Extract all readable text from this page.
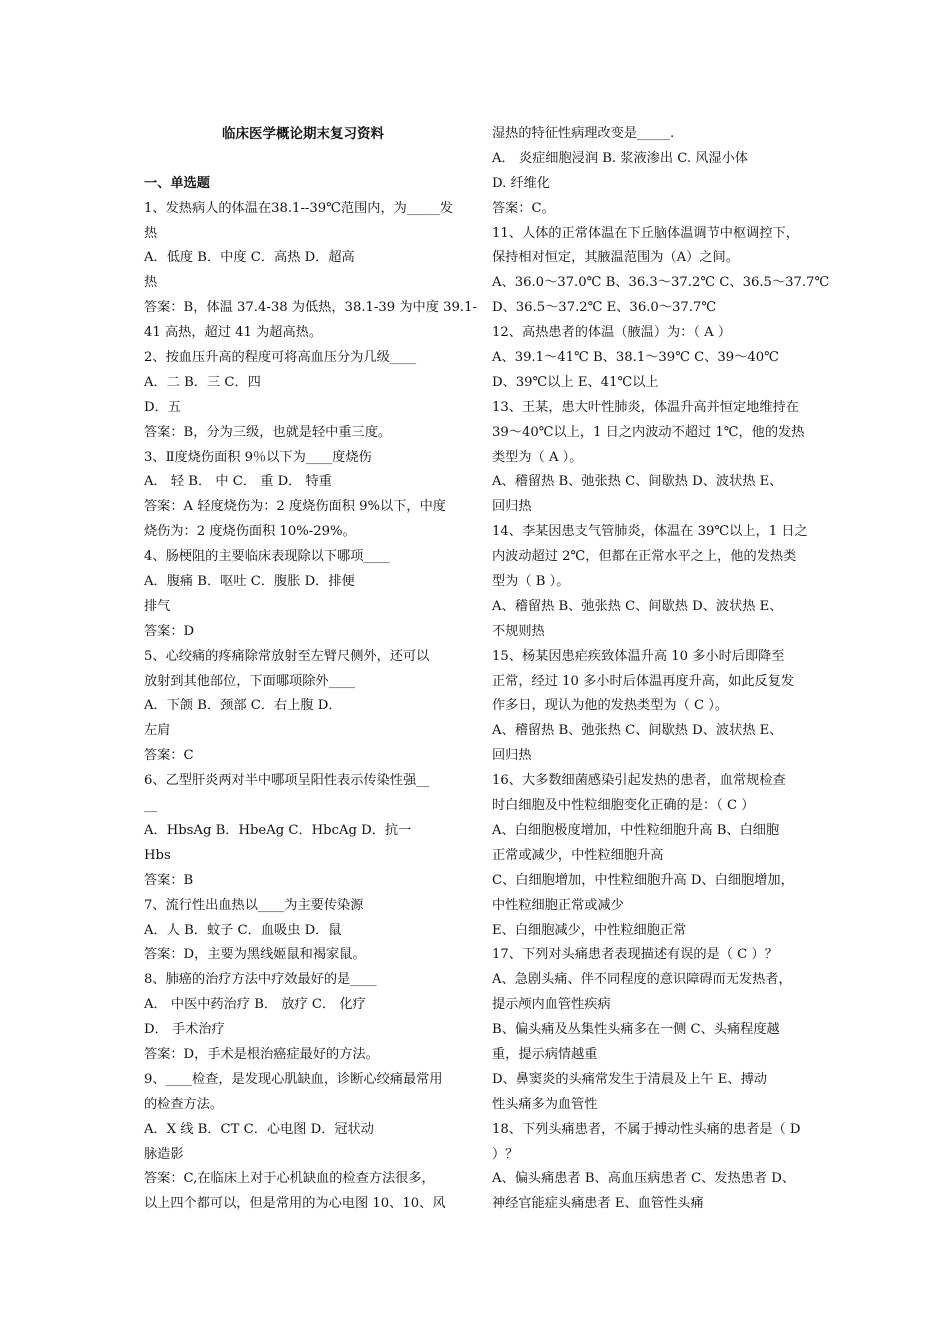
临床医学概论期末复习资料
一、单选题
1、发热病人的体温在38.1--39℃范围内，为_____发
热
A．低度 B．中度 C．高热 D．超高
热
答案：B，体温 37.4-38 为低热，38.1-39 为中度 39.1-
41 高热，超过 41 为超高热。
2、按血压升高的程度可将高血压分为几级____
A．二 B．三 C．四
D．五
答案：B，分为三级，也就是轻中重三度。
3、Ⅱ度烧伤面积 9％以下为____度烧伤
A． 轻 B． 中 C． 重 D． 特重
答案：A 轻度烧伤为：2 度烧伤面积 9%以下，中度
烧伤为：2 度烧伤面积 10%-29%。
4、肠梗阻的主要临床表现除以下哪项____
A．腹痛 B．呕吐 C．腹胀 D．排便
排气
答案：D
5、心绞痛的疼痛除常放射至左臂尺侧外，还可以
放射到其他部位，下面哪项除外____
A．下颌 B．颈部 C．右上腹 D．
左肩
答案：C
6、乙型肝炎两对半中哪项呈阳性表示传染性强__
__
A．HbsAg B．HbeAg C．HbcAg D．抗一
Hbs
答案：B
7、流行性出血热以____为主要传染源
A．人 B．蚊子 C．血吸虫 D．鼠
答案：D，主要为黑线姬鼠和褐家鼠。
8、肺癌的治疗方法中疗效最好的是____
A． 中医中药治疗 B． 放疗 C． 化疗
D． 手术治疗
答案：D，手术是根治癌症最好的方法。
9、____检查，是发现心肌缺血，诊断心绞痛最常用
的检查方法。
A．X 线 B．CT C．心电图 D．冠状动
脉造影
答案：C,在临床上对于心机缺血的检查方法很多，
以上四个都可以，但是常用的为心电图 10、10、风
湿热的特征性病理改变是_____.
A． 炎症细胞浸润 B. 浆液渗出 C. 风湿小体
D. 纤维化
答案：C。
11、人体的正常体温在下丘脑体温调节中枢调控下，
保持相对恒定，其腋温范围为（A）之间。
A、36.0～37.0℃ B、36.3～37.2℃ C、36.5～37.7℃
D、36.5～37.2℃ E、36.0～37.7℃
12、高热患者的体温（腋温）为：（ A ）
A、39.1～41℃ B、38.1～39℃ C、39～40℃
D、39℃以上 E、41℃以上
13、王某，患大叶性肺炎，体温升高并恒定地维持在
39～40℃以上，1 日之内波动不超过 1℃，他的发热
类型为（ A ）。
A、稽留热 B、弛张热 C、间歇热 D、波状热 E、
回归热
14、李某因患支气管肺炎，体温在 39℃以上，1 日之
内波动超过 2℃，但都在正常水平之上，他的发热类
型为（ B ）。
A、稽留热 B、弛张热 C、间歇热 D、波状热 E、
不规则热
15、杨某因患疟疾致体温升高 10 多小时后即降至
正常，经过 10 多小时后体温再度升高，如此反复发
作多日，现认为他的发热类型为（ C ）。
A、稽留热 B、弛张热 C、间歇热 D、波状热 E、
回归热
16、大多数细菌感染引起发热的患者，血常规检查
时白细胞及中性粒细胞变化正确的是：（ C ）
A、白细胞极度增加，中性粒细胞升高 B、白细胞
正常或减少，中性粒细胞升高
C、白细胞增加，中性粒细胞升高 D、白细胞增加，
中性粒细胞正常或减少
E、白细胞减少，中性粒细胞正常
17、下列对头痛患者表现描述有误的是（ C ）？
A、急剧头痛、伴不同程度的意识障碍而无发热者，
提示颅内血管性疾病
B、偏头痛及丛集性头痛多在一侧 C、头痛程度越
重，提示病情越重
D、鼻窦炎的头痛常发生于清晨及上午 E、搏动
性头痛多为血管性
18、下列头痛患者，不属于搏动性头痛的患者是（ D
）？
A、偏头痛患者 B、高血压病患者 C、发热患者 D、
神经官能症头痛患者 E、血管性头痛
